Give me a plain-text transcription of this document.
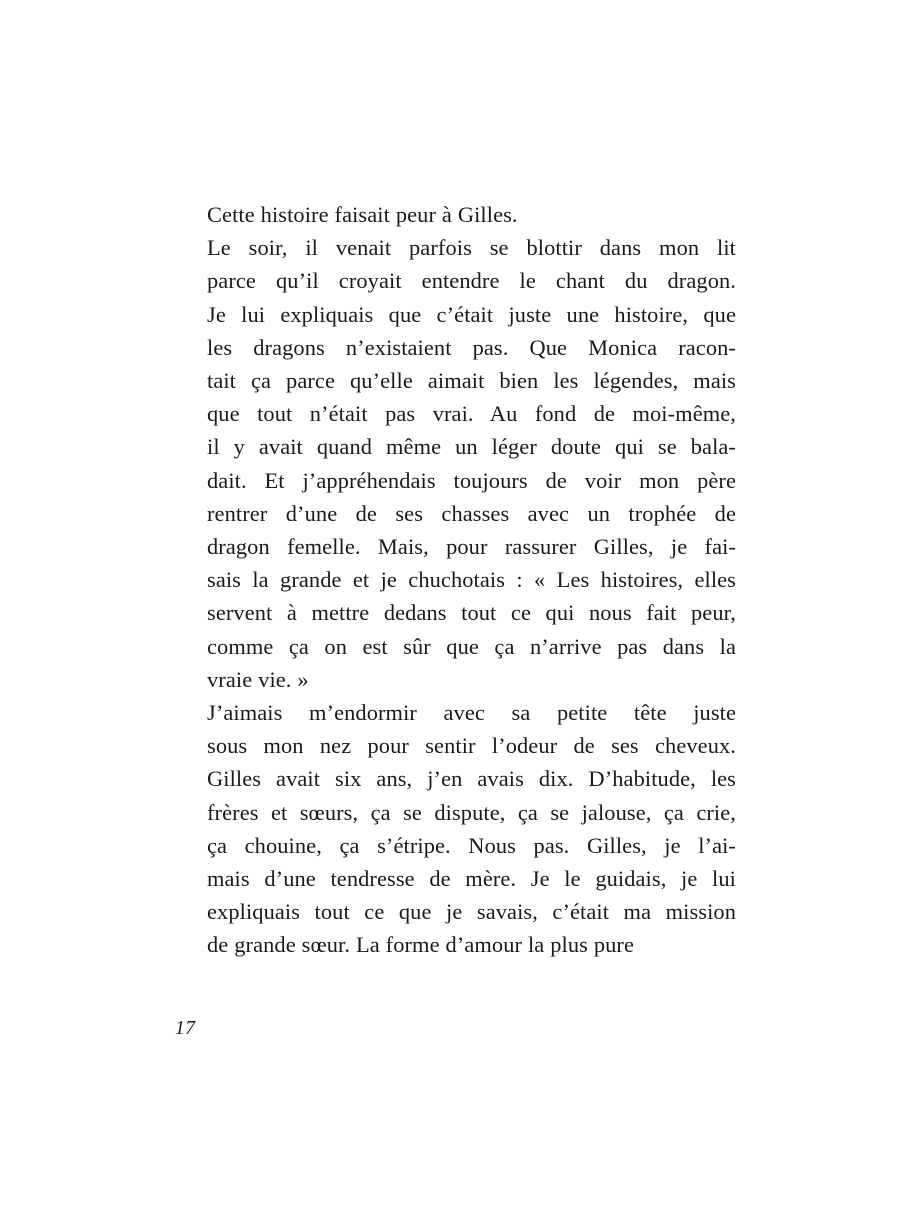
Cette histoire faisait peur à Gilles.

Le soir, il venait parfois se blottir dans mon lit
parce qu’il croyait entendre le chant du dragon.
Je lui expliquais que c’était juste une histoire, que
les dragons n’existaient pas. Que Monica racon-
tait ça parce qu’elle aimait bien les légendes, mais
que tout n’était pas vrai. Au fond de moi-même,
il y avait quand même un léger doute qui se bala-
dait. Et j’appréhendais toujours de voir mon père
rentrer d’une de ses chasses avec un trophée de
dragon femelle. Mais, pour rassurer Gilles, je fai-
sais la grande et je chuchotais : « Les histoires, elles
servent à mettre dedans tout ce qui nous fait peur,
comme ça on est sûr que ça n’arrive pas dans la
vraie vie. »

J’aimais m’endormir avec sa petite tête juste
sous mon nez pour sentir l’odeur de ses cheveux.
Gilles avait six ans, j’en avais dix. D’habitude, les
frères et sœurs, ça se dispute, ça se jalouse, ça crie,
ça chouine, ça s’étripe. Nous pas. Gilles, je l’ai-
mais d’une tendresse de mère. Je le guidais, je lui
expliquais tout ce que je savais, c’était ma mission
de grande sœur. La forme d’amour la plus pure

17
